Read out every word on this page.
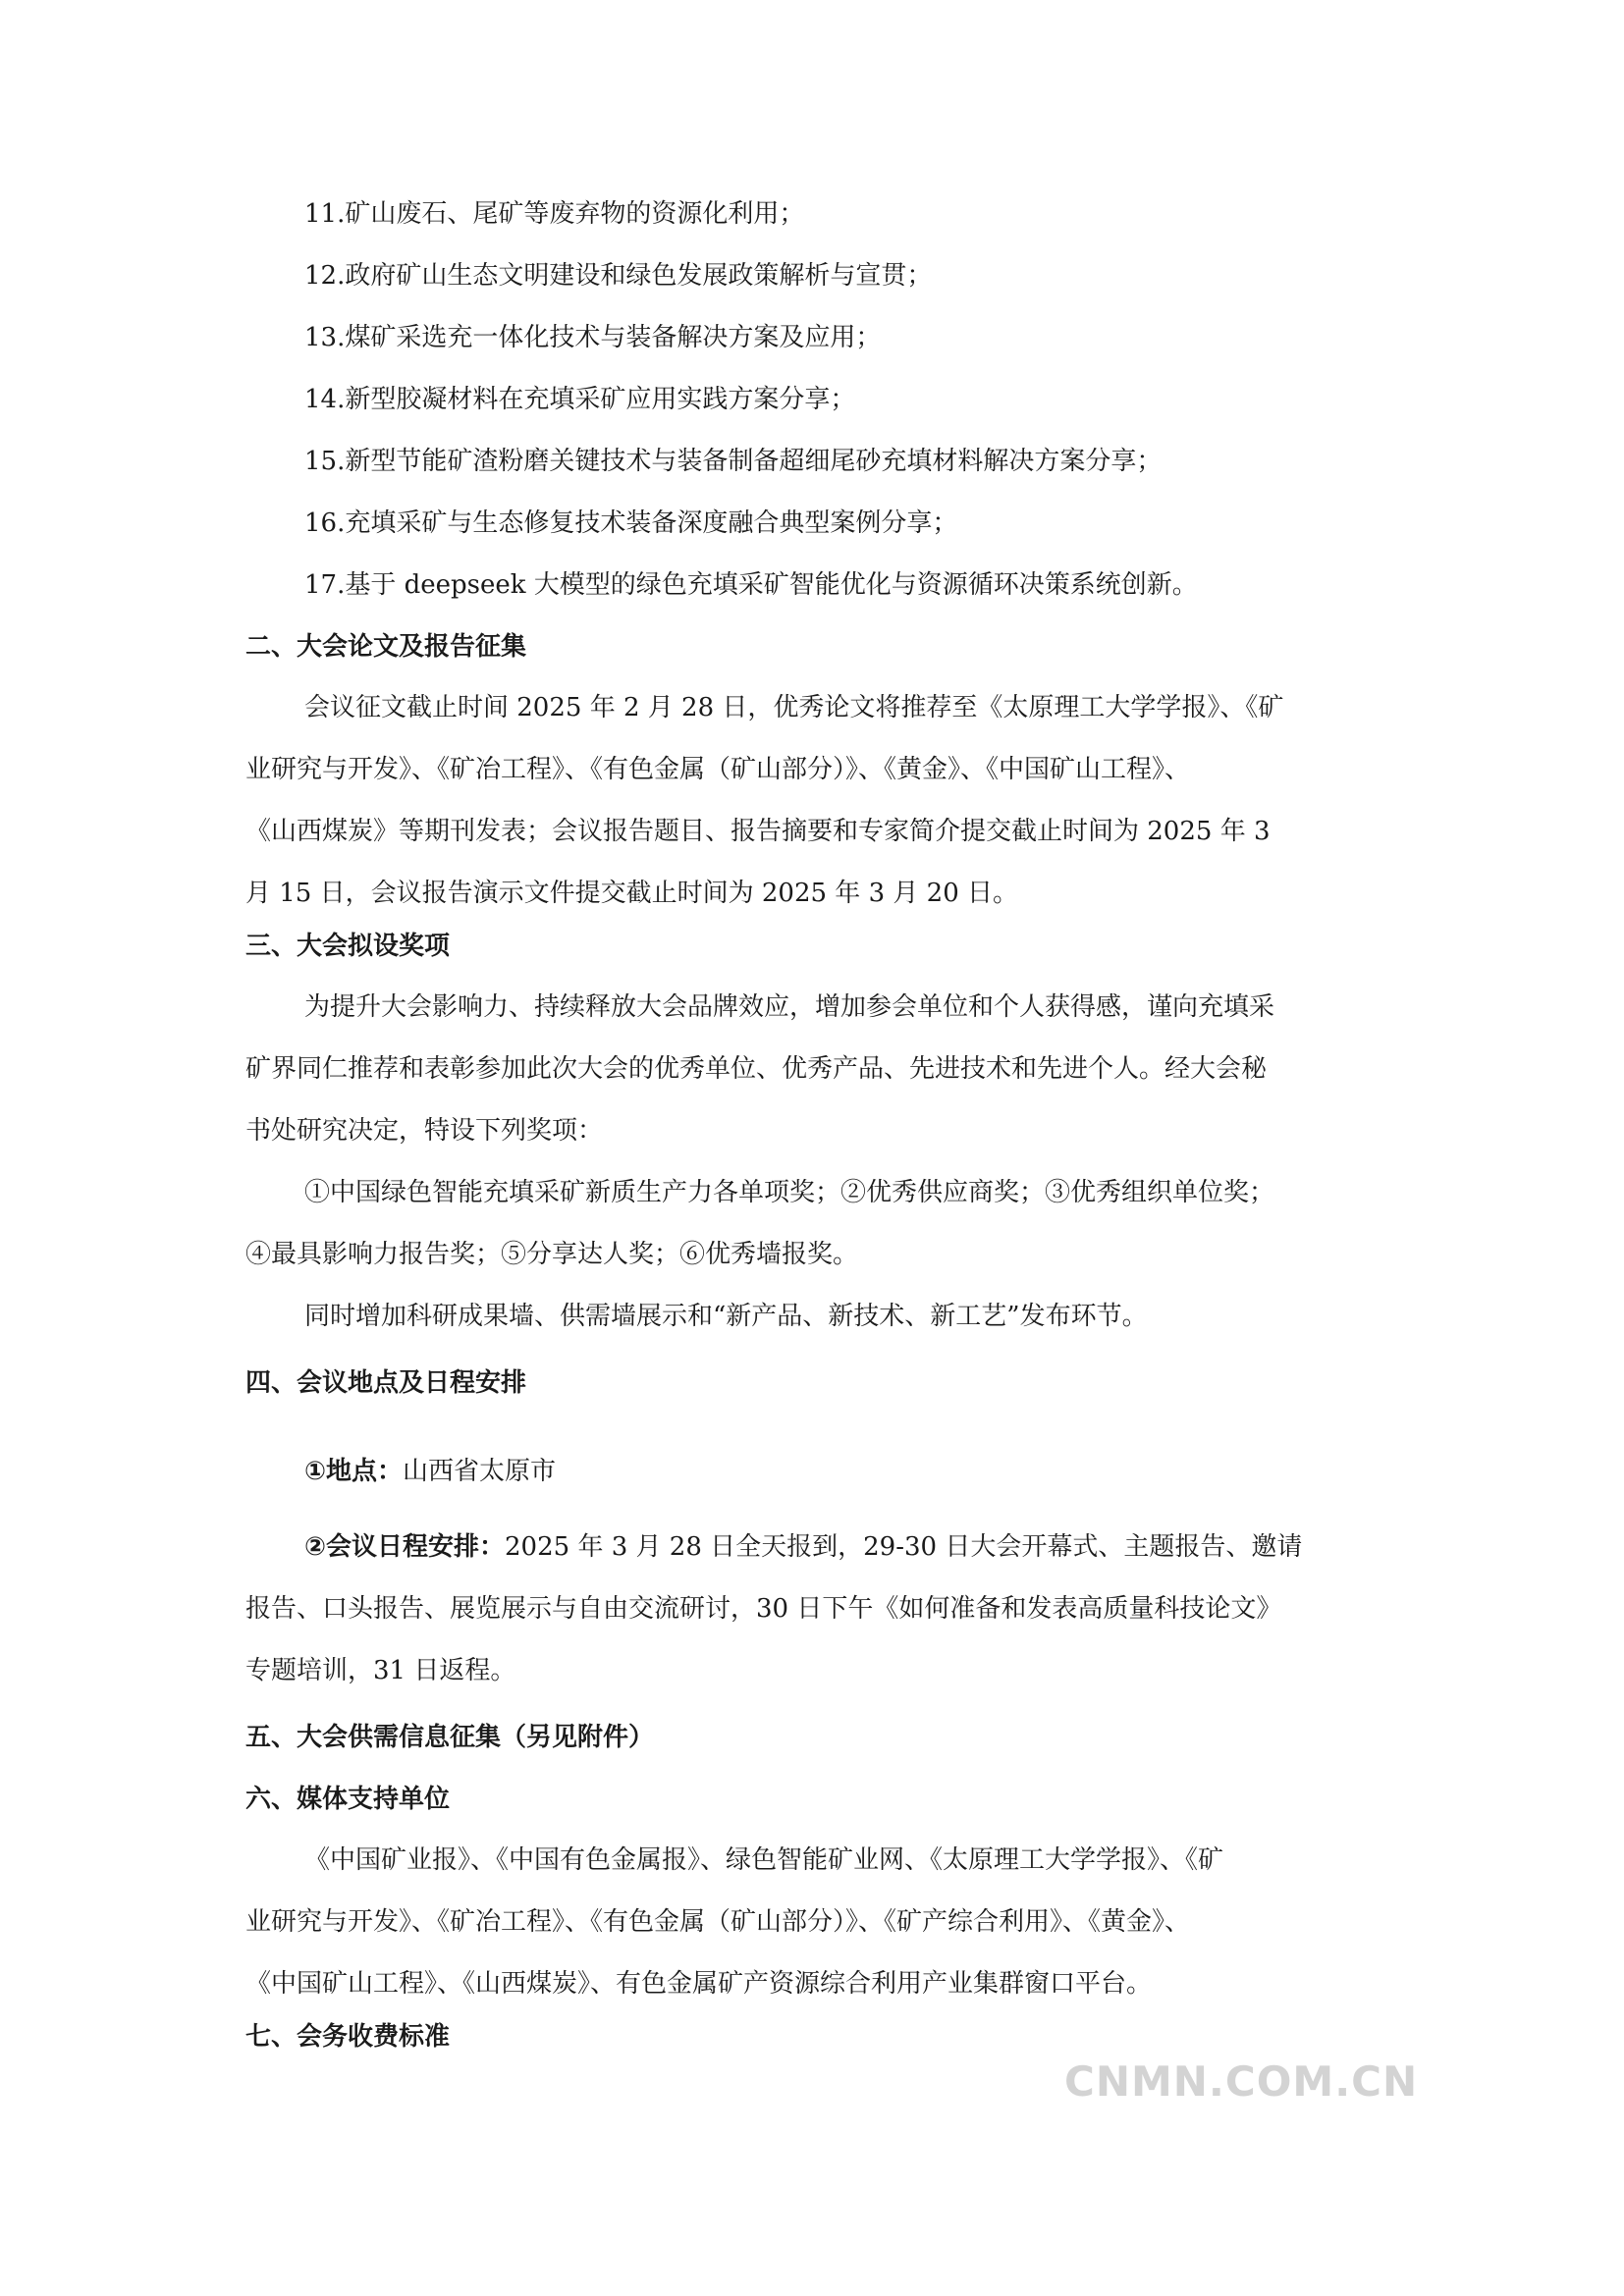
11.矿山废石、尾矿等废弃物的资源化利用；
12.政府矿山生态文明建设和绿色发展政策解析与宣贯；
13.煤矿采选充一体化技术与装备解决方案及应用；
14.新型胶凝材料在充填采矿应用实践方案分享；
15.新型节能矿渣粉磨关键技术与装备制备超细尾砂充填材料解决方案分享；
16.充填采矿与生态修复技术装备深度融合典型案例分享；
17.基于 deepseek 大模型的绿色充填采矿智能优化与资源循环决策系统创新。
二、大会论文及报告征集
会议征文截止时间 2025 年 2 月 28 日，优秀论文将推荐至《太原理工大学学报》、《矿
业研究与开发》、《矿冶工程》、《有色金属（矿山部分）》、《黄金》、《中国矿山工程》、
《山西煤炭》等期刊发表；会议报告题目、报告摘要和专家简介提交截止时间为 2025 年 3
月 15 日，会议报告演示文件提交截止时间为 2025 年 3 月 20 日。
三、大会拟设奖项
为提升大会影响力、持续释放大会品牌效应，增加参会单位和个人获得感，谨向充填采
矿界同仁推荐和表彰参加此次大会的优秀单位、优秀产品、先进技术和先进个人。经大会秘
书处研究决定，特设下列奖项：
①中国绿色智能充填采矿新质生产力各单项奖；②优秀供应商奖；③优秀组织单位奖；
④最具影响力报告奖；⑤分享达人奖；⑥优秀墙报奖。
同时增加科研成果墙、供需墙展示和“新产品、新技术、新工艺”发布环节。
四、会议地点及日程安排
①地点：山西省太原市
②会议日程安排：2025 年 3 月 28 日全天报到，29-30 日大会开幕式、主题报告、邀请
报告、口头报告、展览展示与自由交流研讨，30 日下午《如何准备和发表高质量科技论文》
专题培训，31 日返程。
五、大会供需信息征集（另见附件）
六、媒体支持单位
《中国矿业报》、《中国有色金属报》、绿色智能矿业网、《太原理工大学学报》、《矿
业研究与开发》、《矿冶工程》、《有色金属（矿山部分）》、《矿产综合利用》、《黄金》、
《中国矿山工程》、《山西煤炭》、有色金属矿产资源综合利用产业集群窗口平台。
七、会务收费标准
CNMN.COM.CN
